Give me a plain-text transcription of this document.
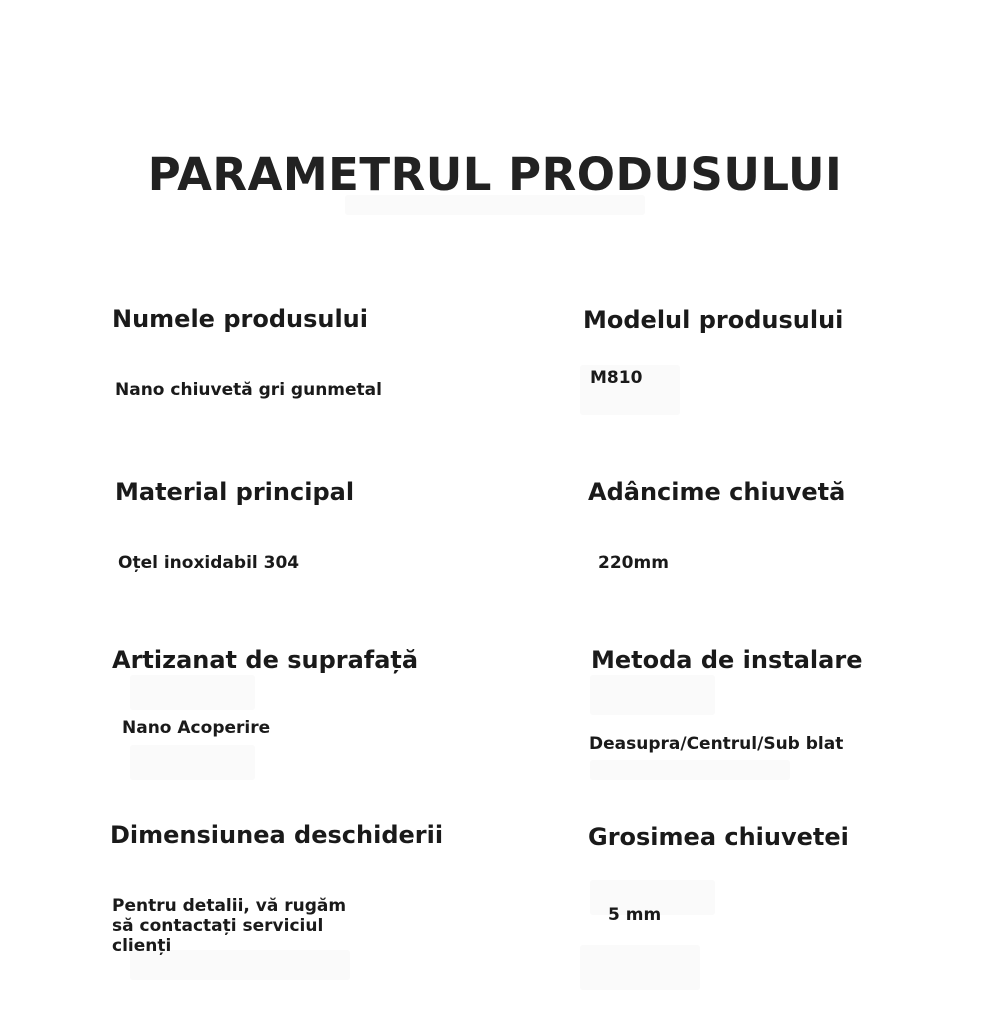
PARAMETRUL PRODUSULUI
Numele produsului
Nano chiuvetă gri gunmetal
Modelul produsului
M810
Material principal
Oțel inoxidabil 304
Adâncime chiuvetă
220mm
Artizanat de suprafață
Nano Acoperire
Metoda de instalare
Deasupra/Centrul/Sub blat
Dimensiunea deschiderii
Pentru detalii, vă rugăm să contactați serviciul clienți
Grosimea chiuvetei
5 mm
